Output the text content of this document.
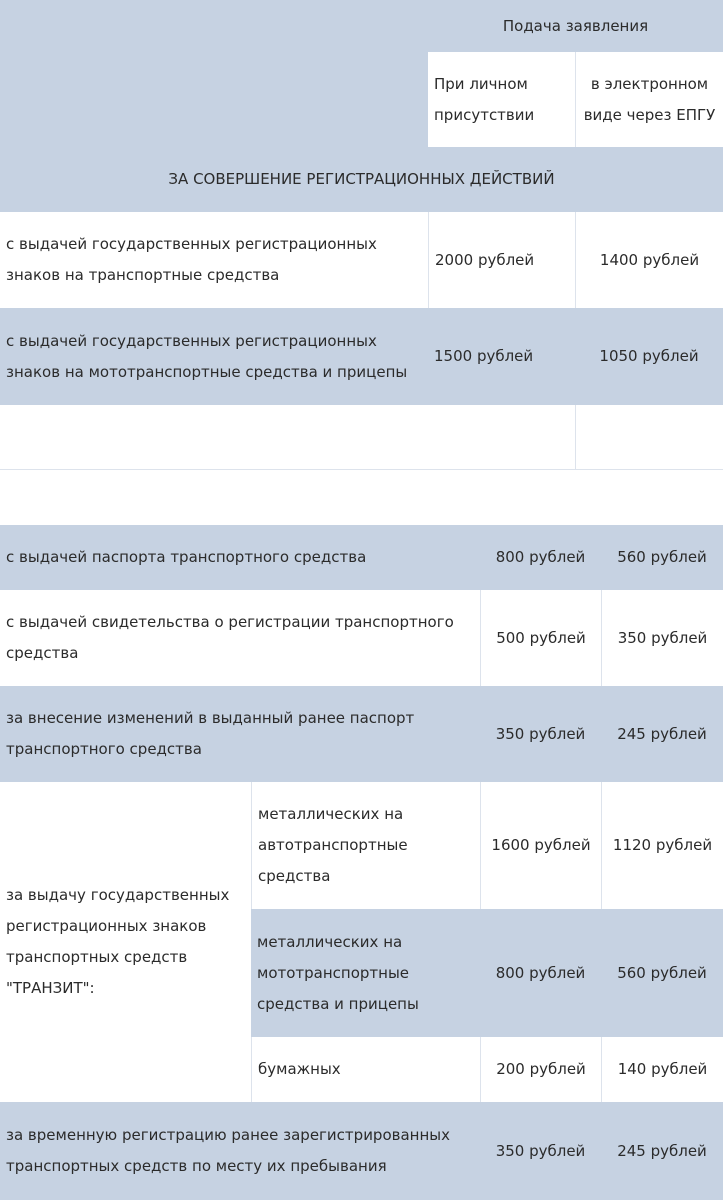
Подача заявления
При личном присутствии
в электронном виде через ЕПГУ
ЗА СОВЕРШЕНИЕ РЕГИСТРАЦИОННЫХ ДЕЙСТВИЙ
с выдачей государственных регистрационных знаков на транспортные средства
2000 рублей	1400 рублей
с выдачей государственных регистрационных знаков на мототранспортные средства и прицепы
1500 рублей	1050 рублей
с выдачей паспорта транспортного средства	800 рублей	560 рублей
с выдачей свидетельства о регистрации транспортного средства
500 рублей	350 рублей
за внесение изменений в выданный ранее паспорт транспортного средства
350 рублей	245 рублей
за выдачу государственных регистрационных знаков транспортных средств "ТРАНЗИТ":
металлических на автотранспортные средства
1600 рублей	1120 рублей
металлических на мототранспортные средства и прицепы
800 рублей	560 рублей
бумажных	200 рублей	140 рублей
за временную регистрацию ранее зарегистрированных транспортных средств по месту их пребывания
350 рублей	245 рублей
